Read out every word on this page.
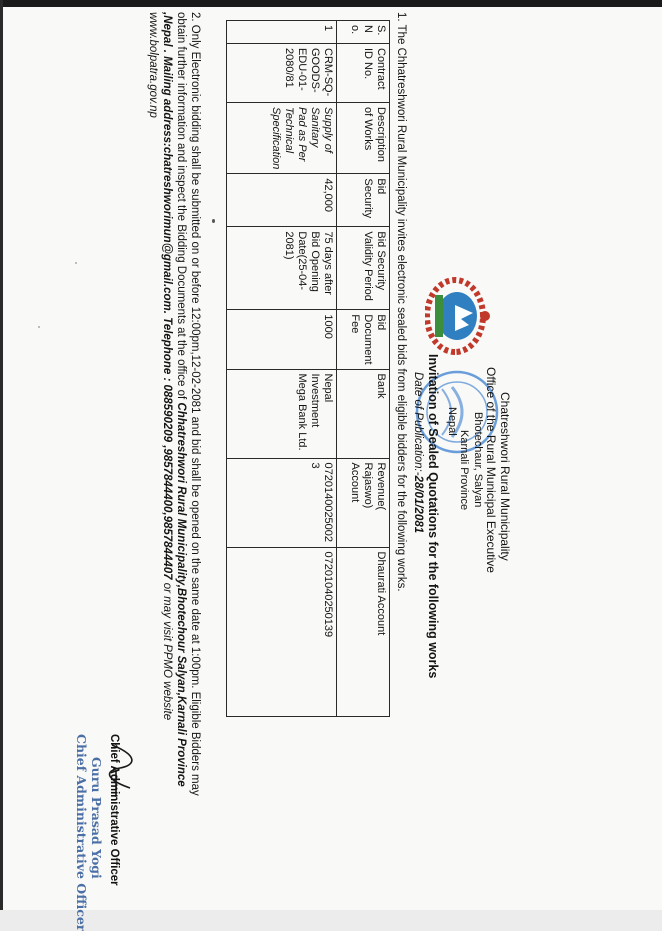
Chatreshwori Rural Municipality
Office of the Rural Municipal Executive
Bhotechaur, Salyan
Karnali Province
Nepal
Invitation of Sealed Quotations for the following works
Date of Publication:-28/01/2081
1. The Chhatreshwori Rural Municipality invites electronic sealed bids from eligible bidders for the following works.
S. N o.	Contract ID No.	Description of Works	Bid Security	Bid Security Validity Period	Bid Document Fee	Bank	Revenue( Rajaswo) Account	Dhaurati Account
1	CRM-SQ-GOODS-EDU-01-2080/81	Supply of Sanitary Pad as Per Technical Specification	42,000	75 days after Bid Opening Date(25-04-2081)	1000	Nepal Investment Mega Bank Ltd.	0720140025002 3	07201040250139
2. Only Electronic bidding shall be submitted on or before 12:00pm,12-02-2081 and bid shall be opened on the same date at 1:00pm. Eligible Bidders may obtain further information and inspect the Bidding Documents at the office of Chhatreshwori Rural Municipality,Bhotechour Salyan,Karnali Province ,Nepal . Mailing address:chatreshworimun@gmail.com. Telephone : 088590209 ,9857844400,9857844407 or may visit PPMO website www.bolpatra.gov.np
Chief Administrative Officer
Guru Prasad Yogi
Chief Administrative Officer
